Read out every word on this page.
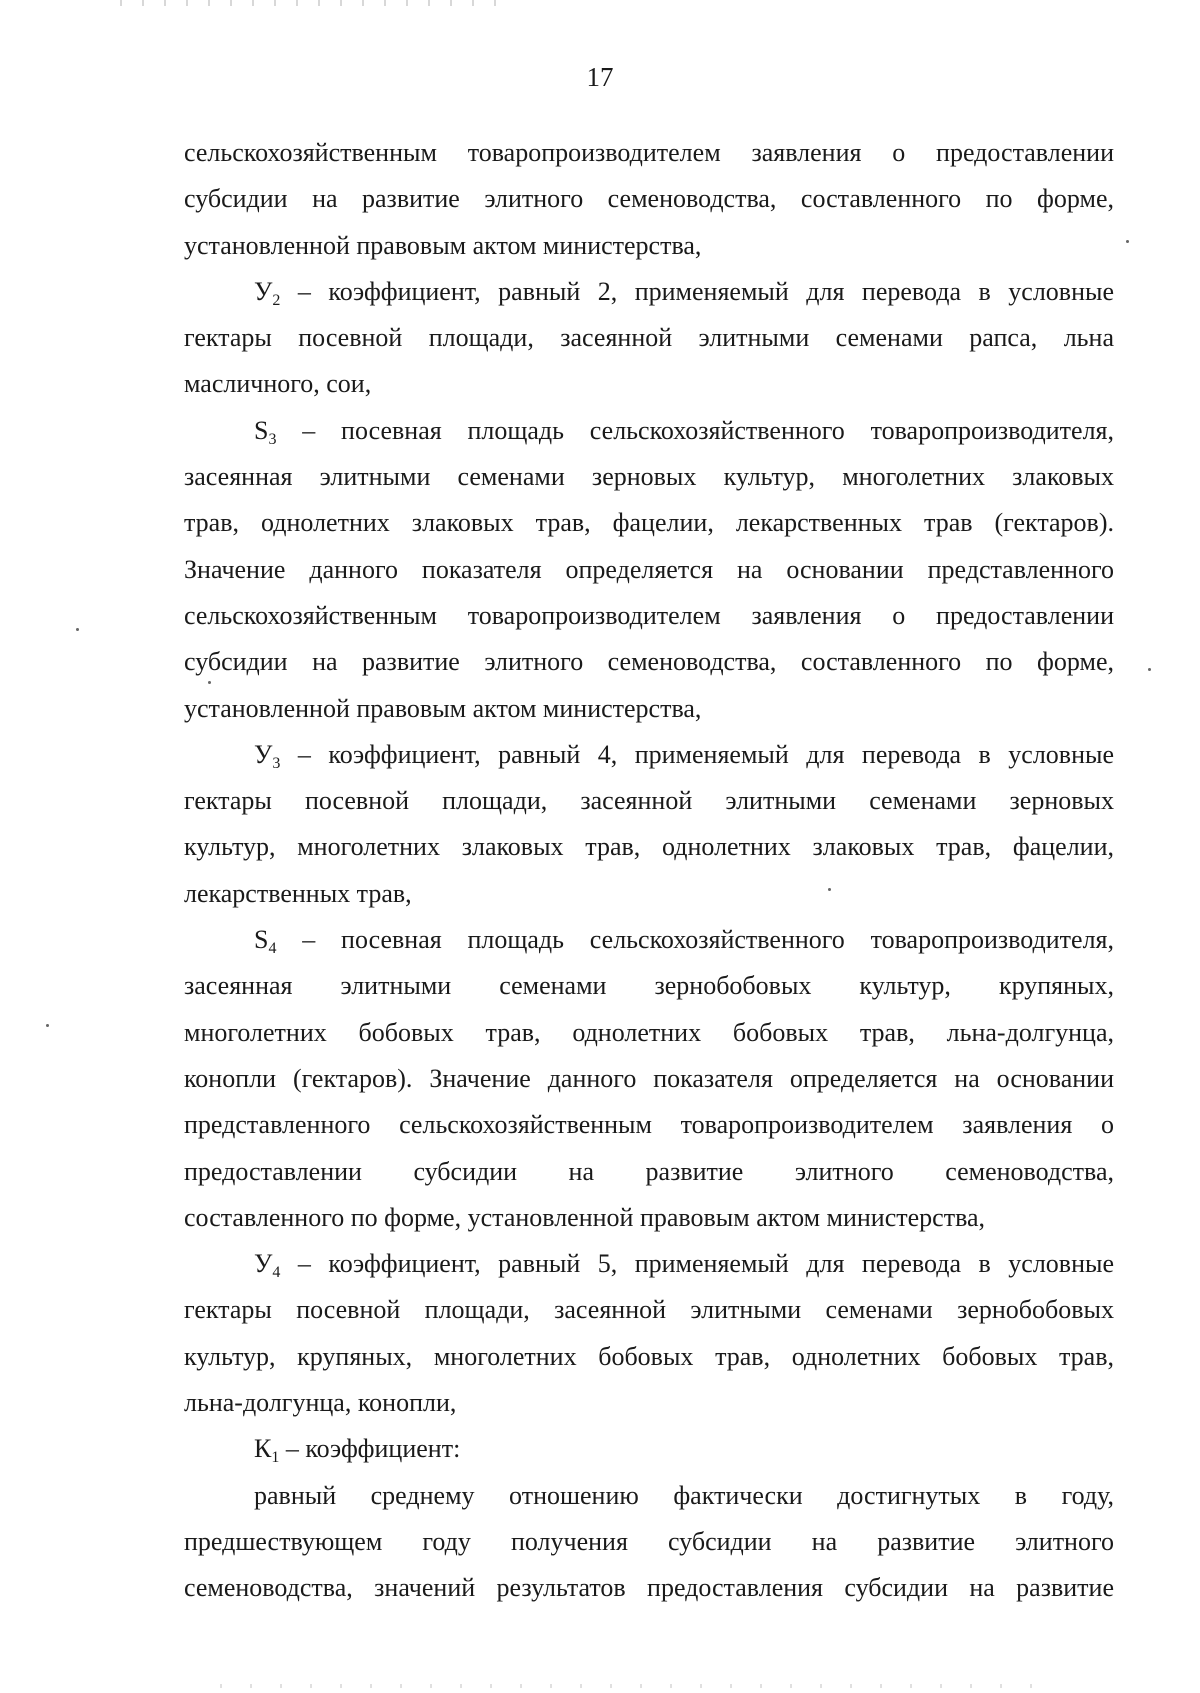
17
сельскохозяйственным товаропроизводителем заявления о предоставлении
субсидии на развитие элитного семеноводства, составленного по форме,
установленной правовым актом министерства,
$У_2$ – коэффициент, равный 2, применяемый для перевода в условные
гектары посевной площади, засеянной элитными семенами рапса, льна
масличного, сои,
$S_3$ – посевная площадь сельскохозяйственного товаропроизводителя,
засеянная элитными семенами зерновых культур, многолетних злаковых
трав, однолетних злаковых трав, фацелии, лекарственных трав (гектаров).
Значение данного показателя определяется на основании представленного
сельскохозяйственным товаропроизводителем заявления о предоставлении
субсидии на развитие элитного семеноводства, составленного по форме,
установленной правовым актом министерства,
$У_3$ – коэффициент, равный 4, применяемый для перевода в условные
гектары посевной площади, засеянной элитными семенами зерновых
культур, многолетних злаковых трав, однолетних злаковых трав, фацелии,
лекарственных трав,
$S_4$ – посевная площадь сельскохозяйственного товаропроизводителя,
засеянная элитными семенами зернобобовых культур, крупяных,
многолетних бобовых трав, однолетних бобовых трав, льна-долгунца,
конопли (гектаров). Значение данного показателя определяется на основании
представленного сельскохозяйственным товаропроизводителем заявления о
предоставлении субсидии на развитие элитного семеноводства,
составленного по форме, установленной правовым актом министерства,
$У_4$ – коэффициент, равный 5, применяемый для перевода в условные
гектары посевной площади, засеянной элитными семенами зернобобовых
культур, крупяных, многолетних бобовых трав, однолетних бобовых трав,
льна-долгунца, конопли,
$К_1$ – коэффициент:
равный среднему отношению фактически достигнутых в году,
предшествующем году получения субсидии на развитие элитного
семеноводства, значений результатов предоставления субсидии на развитие
